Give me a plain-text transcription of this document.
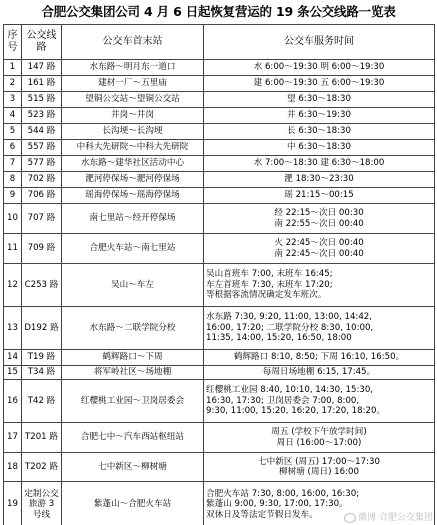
合肥公交集团公司 4 月 6 日起恢复营运的 19 条公交线路一览表
序号	公交线路	公交车首末站	公交车服务时间
1	147 路	水东路～明月东一道口	水 6:00～19:30 明 6:00～19:30

2	161 路	建材一厂～五里庙	建 6:00～19:30 五 6:00～19:30

3	515 路	望铜公交站～望铜公交站	望 6:30～18:30

4	523 路	井岗～井岗	井 6:30～19:30

5	544 路	长沟埂～长沟埂	长 6:30～18:30

6	557 路	中科大先研院～中科大先研院	中 6:30～18:30

7	577 路	水东路～建华社区活动中心	水 7:00～18:30 建 6:30～18:00

8	702 路	淝河停保场～淝河停保场	淝 18:30～23:30

9	706 路	瑶海停保场～瑶海停保场	瑶 21:15～00:15

10	707 路	南七里站～经开停保场	经 22:15～次日 00:30
南 22:55～次日 00:40

11	709 路	合肥火车站～南七里站	火 22:45～次日 00:40
南 22:45～次日 00:40

12	C253 路	吴山～车左	吴山首班车 7:00, 末班车 16:45;
车左首班车 7:30, 末班车 17:20;
等根据客流情况确定发车班次。

13	D192 路	水东路～二联学院分校	水东路 7:30, 9:20, 11:00, 13:00, 14:42,
16:00, 17:20; 二联学院分校 8:30, 10:00,
11:35, 14:00, 15:20, 16:50, 18:00

14	T19 路	鹤辉路口～下周	鹤辉路口 8:10, 8:50; 下周 16:10, 16:50。

15	T34 路	将军岭社区～场地棚	每周日场地棚 6:15, 17:45。

16	T42 路	红樱桃工业园～卫岗居委会	红樱桃工业园 8:40, 10:10, 14:30, 15:30,
16:30, 17:30; 卫岗居委会 7:00, 8:00,
9:30, 11:00, 15:20, 16:20, 17:20, 18:20。

17	T201 路	合肥七中～汽车西站枢纽站	周五 (学校下午放学时间)
周日 (16:00～17:00)

18	T202 路	七中新区～柳树塘	七中新区 (周五) 17:00～17:30
柳树塘 (周日) 16:00

19	定制公交旅游 3 号线	紫蓬山～合肥火车站	合肥火车站 7:30, 8:00, 16:00, 16:30;
紫蓬山 9:00, 9:30, 17:00, 17:30。
双休日及等法定节假日发车。	微博 合肥公交集团
